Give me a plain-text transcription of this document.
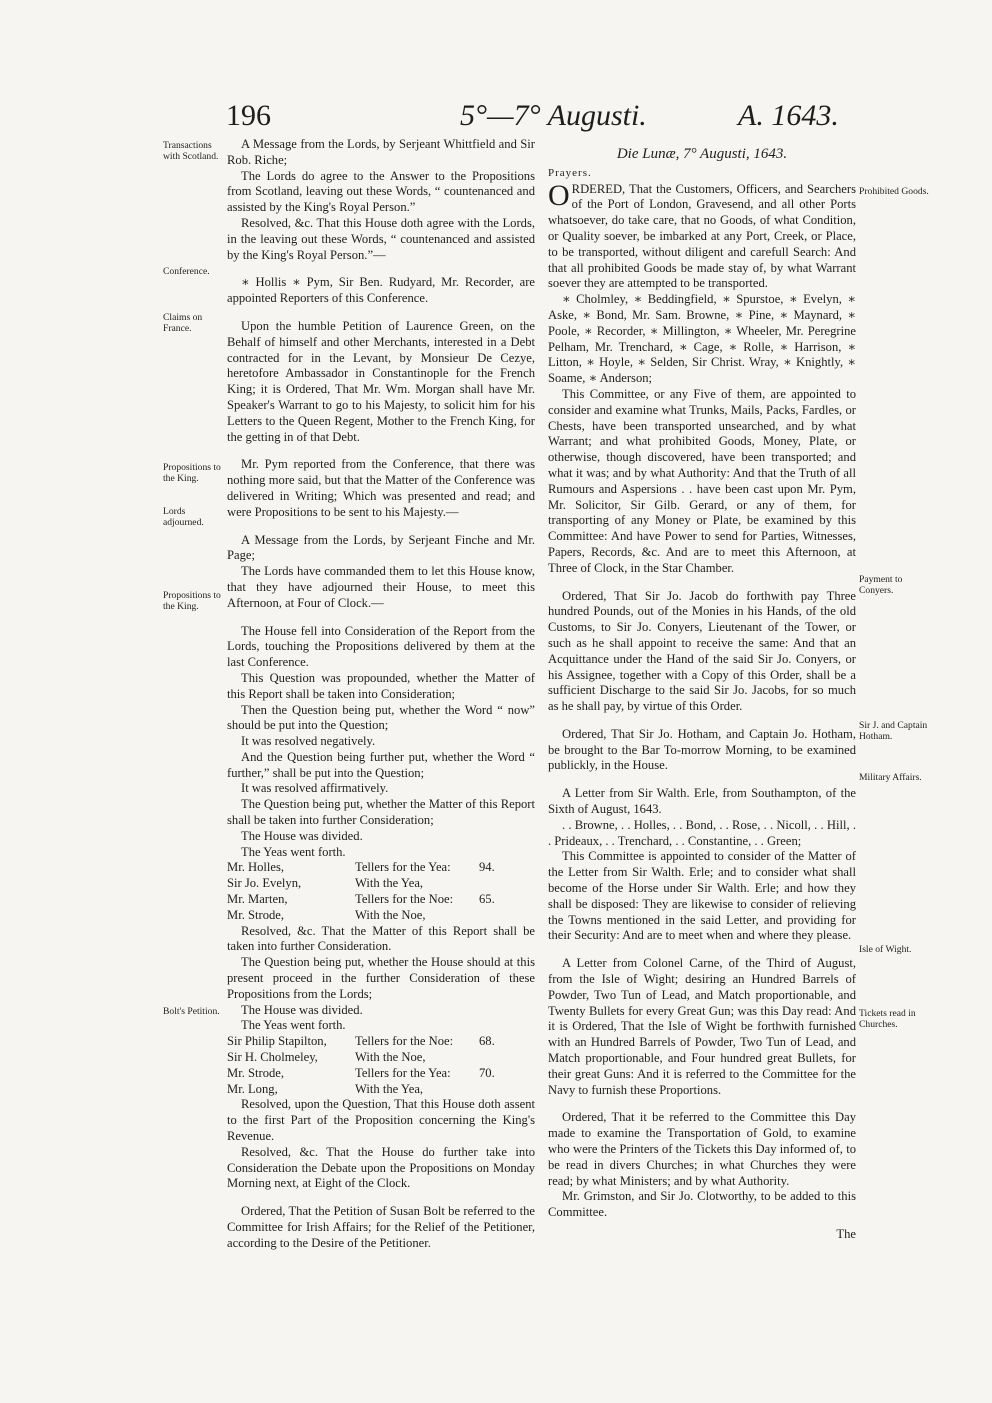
196	5°—7° Augusti.	A. 1643.
Transactions with Scotland.
Conference.
Claims on France.
Propositions to the King.
Lords adjourned.
Propositions to the King.
Bolt's Petition.
Prohibited Goods.
Payment to Conyers.
Sir J. and Captain Hotham.
Military Affairs.
Isle of Wight.
Tickets read in Churches.

A Message from the Lords, by Serjeant Whittfield and Sir Rob. Riche;

The Lords do agree to the Answer to the Propositions from Scotland, leaving out these Words, “ countenanced and assisted by the King's Royal Person.”

Resolved, &c. That this House doth agree with the Lords, in the leaving out these Words, “ countenanced and assisted by the King's Royal Person.”—

∗ Hollis ∗ Pym, Sir Ben. Rudyard, Mr. Recorder, are appointed Reporters of this Conference.

Upon the humble Petition of Laurence Green, on the Behalf of himself and other Merchants, interested in a Debt contracted for in the Levant, by Monsieur De Cezye, heretofore Ambassador in Constantinople for the French King; it is Ordered, That Mr. Wm. Morgan shall have Mr. Speaker's Warrant to go to his Majesty, to solicit him for his Letters to the Queen Regent, Mother to the French King, for the getting in of that Debt.

Mr. Pym reported from the Conference, that there was nothing more said, but that the Matter of the Conference was delivered in Writing; Which was presented and read; and were Propositions to be sent to his Majesty.—

A Message from the Lords, by Serjeant Finche and Mr. Page;

The Lords have commanded them to let this House know, that they have adjourned their House, to meet this Afternoon, at Four of Clock.—

The House fell into Consideration of the Report from the Lords, touching the Propositions delivered by them at the last Conference.

This Question was propounded, whether the Matter of this Report shall be taken into Consideration;

Then the Question being put, whether the Word “ now” should be put into the Question;

It was resolved negatively.

And the Question being further put, whether the Word “ further,” shall be put into the Question;

It was resolved affirmatively.

The Question being put, whether the Matter of this Report shall be taken into further Consideration;

The House was divided.

The Yeas went forth.

Mr. Holles,	Tellers for the Yea:	94.
Sir Jo. Evelyn,	With the Yea,
Mr. Marten,	Tellers for the Noe:	65.
Mr. Strode,	With the Noe,

Resolved, &c. That the Matter of this Report shall be taken into further Consideration.

The Question being put, whether the House should at this present proceed in the further Consideration of these Propositions from the Lords;

The House was divided.

The Yeas went forth.

Sir Philip Stapilton,	Tellers for the Noe:	68.
Sir H. Cholmeley,	With the Noe,
Mr. Strode,	Tellers for the Yea:	70.
Mr. Long,	With the Yea,

Resolved, upon the Question, That this House doth assent to the first Part of the Proposition concerning the King's Revenue.

Resolved, &c. That the House do further take into Consideration the Debate upon the Propositions on Monday Morning next, at Eight of the Clock.

Ordered, That the Petition of Susan Bolt be referred to the Committee for Irish Affairs; for the Relief of the Petitioner, according to the Desire of the Petitioner.

Die Lunæ, 7° Augusti, 1643.

Prayers.

ORDERED, That the Customers, Officers, and Searchers of the Port of London, Gravesend, and all other Ports whatsoever, do take care, that no Goods, of what Condition, or Quality soever, be imbarked at any Port, Creek, or Place, to be transported, without diligent and carefull Search: And that all prohibited Goods be made stay of, by what Warrant soever they are attempted to be transported.

∗ Cholmley, ∗ Beddingfield, ∗ Spurstoe, ∗ Evelyn, ∗ Aske, ∗ Bond, Mr. Sam. Browne, ∗ Pine, ∗ Maynard, ∗ Poole, ∗ Recorder, ∗ Millington, ∗ Wheeler, Mr. Peregrine Pelham, Mr. Trenchard, ∗ Cage, ∗ Rolle, ∗ Harrison, ∗ Litton, ∗ Hoyle, ∗ Selden, Sir Christ. Wray, ∗ Knightly, ∗ Soame, ∗ Anderson;

This Committee, or any Five of them, are appointed to consider and examine what Trunks, Mails, Packs, Fardles, or Chests, have been transported unsearched, and by what Warrant; and what prohibited Goods, Money, Plate, or otherwise, though discovered, have been transported; and what it was; and by what Authority: And that the Truth of all Rumours and Aspersions . . have been cast upon Mr. Pym, Mr. Solicitor, Sir Gilb. Gerard, or any of them, for transporting of any Money or Plate, be examined by this Committee: And have Power to send for Parties, Witnesses, Papers, Records, &c. And are to meet this Afternoon, at Three of Clock, in the Star Chamber.

Ordered, That Sir Jo. Jacob do forthwith pay Three hundred Pounds, out of the Monies in his Hands, of the old Customs, to Sir Jo. Conyers, Lieutenant of the Tower, or such as he shall appoint to receive the same: And that an Acquittance under the Hand of the said Sir Jo. Conyers, or his Assignee, together with a Copy of this Order, shall be a sufficient Discharge to the said Sir Jo. Jacobs, for so much as he shall pay, by virtue of this Order.

Ordered, That Sir Jo. Hotham, and Captain Jo. Hotham, be brought to the Bar To-morrow Morning, to be examined publickly, in the House.

A Letter from Sir Walth. Erle, from Southampton, of the Sixth of August, 1643.

. . Browne, . . Holles, . . Bond, . . Rose, . . Nicoll, . . Hill, . . Prideaux, . . Trenchard, . . Constantine, . . Green;

This Committee is appointed to consider of the Matter of the Letter from Sir Walth. Erle; and to consider what shall become of the Horse under Sir Walth. Erle; and how they shall be disposed: They are likewise to consider of relieving the Towns mentioned in the said Letter, and providing for their Security: And are to meet when and where they please.

A Letter from Colonel Carne, of the Third of August, from the Isle of Wight; desiring an Hundred Barrels of Powder, Two Tun of Lead, and Match proportionable, and Twenty Bullets for every Great Gun; was this Day read: And it is Ordered, That the Isle of Wight be forthwith furnished with an Hundred Barrels of Powder, Two Tun of Lead, and Match proportionable, and Four hundred great Bullets, for their great Guns: And it is referred to the Committee for the Navy to furnish these Proportions.

Ordered, That it be referred to the Committee this Day made to examine the Transportation of Gold, to examine who were the Printers of the Tickets this Day informed of, to be read in divers Churches; in what Churches they were read; by what Ministers; and by what Authority.

Mr. Grimston, and Sir Jo. Clotworthy, to be added to this Committee.

The
